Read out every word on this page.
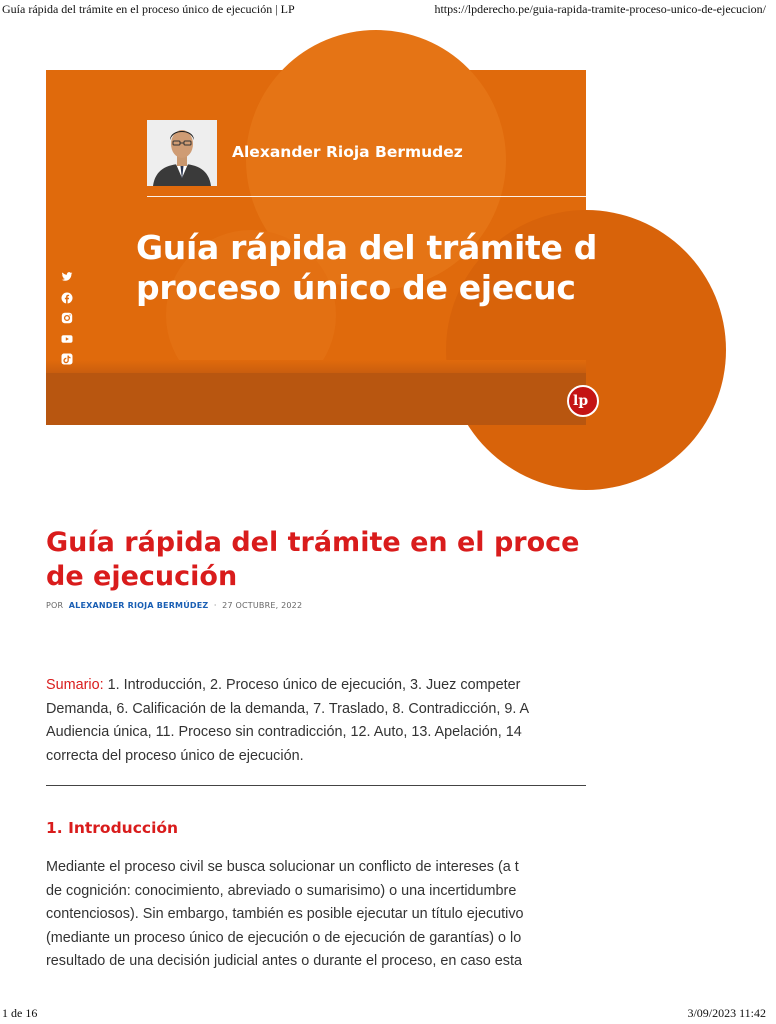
Guía rápida del trámite en el proceso único de ejecución | LP	https://lpderecho.pe/guia-rapida-tramite-proceso-unico-de-ejecucion/
Alexander Rioja Bermudez
Guía rápida del trámite d
proceso único de ejecuc
lp
Guía rápida del trámite en el proce
de ejecución
POR ALEXANDER RIOJA BERMÚDEZ · 27 OCTUBRE, 2022
Sumario: 1. Introducción, 2. Proceso único de ejecución, 3. Juez competer
Demanda, 6. Calificación de la demanda, 7. Traslado, 8. Contradicción, 9. A
Audiencia única, 11. Proceso sin contradicción, 12. Auto, 13. Apelación, 14
correcta del proceso único de ejecución.
1. Introducción
Mediante el proceso civil se busca solucionar un conflicto de intereses (a t
de cognición: conocimiento, abreviado o sumarisimo) o una incertidumbre
contenciosos). Sin embargo, también es posible ejecutar un título ejecutivo
(mediante un proceso único de ejecución o de ejecución de garantías) o lo
resultado de una decisión judicial antes o durante el proceso, en caso esta
1 de 16	3/09/2023 11:42
